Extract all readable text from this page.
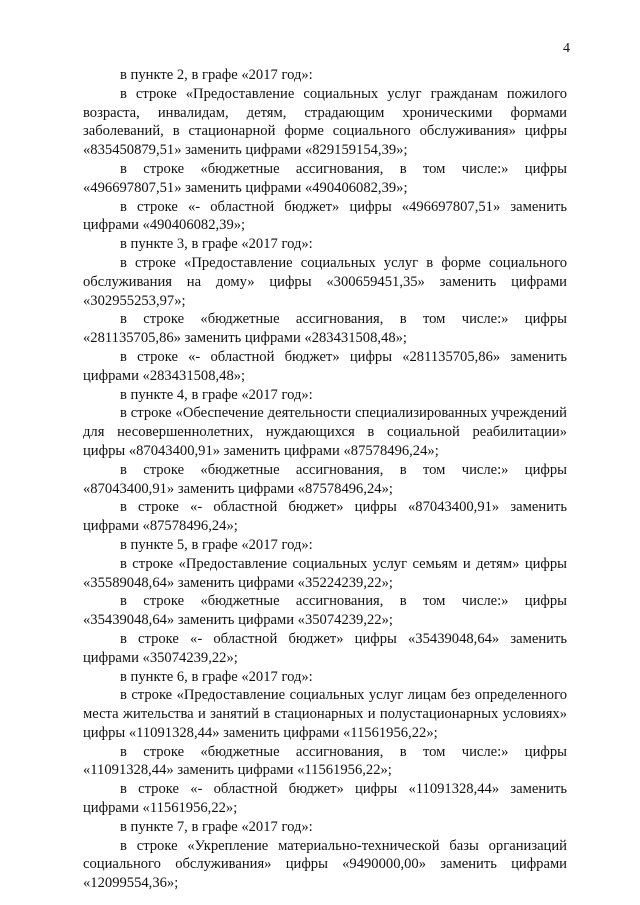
4

в пункте 2, в графе «2017 год»:

в строке «Предоставление социальных услуг гражданам пожилого возраста, инвалидам, детям, страдающим хроническими формами заболеваний, в стационарной форме социального обслуживания» цифры «835450879,51» заменить цифрами «829159154,39»;

в строке «бюджетные ассигнования, в том числе:» цифры «496697807,51» заменить цифрами «490406082,39»;

в строке «- областной бюджет» цифры «496697807,51» заменить цифрами «490406082,39»;

в пункте 3, в графе «2017 год»:

в строке «Предоставление социальных услуг в форме социального обслуживания на дому» цифры «300659451,35» заменить цифрами «302955253,97»;

в строке «бюджетные ассигнования, в том числе:» цифры «281135705,86» заменить цифрами «283431508,48»;

в строке «- областной бюджет» цифры «281135705,86» заменить цифрами «283431508,48»;

в пункте 4, в графе «2017 год»:

в строке «Обеспечение деятельности специализированных учреждений для несовершеннолетних, нуждающихся в социальной реабилитации» цифры «87043400,91» заменить цифрами «87578496,24»;

в строке «бюджетные ассигнования, в том числе:» цифры «87043400,91» заменить цифрами «87578496,24»;

в строке «- областной бюджет» цифры «87043400,91» заменить цифрами «87578496,24»;

в пункте 5, в графе «2017 год»:

в строке «Предоставление социальных услуг семьям и детям» цифры «35589048,64» заменить цифрами «35224239,22»;

в строке «бюджетные ассигнования, в том числе:» цифры «35439048,64» заменить цифрами «35074239,22»;

в строке «- областной бюджет» цифры «35439048,64» заменить цифрами «35074239,22»;

в пункте 6, в графе «2017 год»:

в строке «Предоставление социальных услуг лицам без определенного места жительства и занятий в стационарных и полустационарных условиях» цифры «11091328,44» заменить цифрами «11561956,22»;

в строке «бюджетные ассигнования, в том числе:» цифры «11091328,44» заменить цифрами «11561956,22»;

в строке «- областной бюджет» цифры «11091328,44» заменить цифрами «11561956,22»;

в пункте 7, в графе «2017 год»:

в строке «Укрепление материально-технической базы организаций социального обслуживания» цифры «9490000,00» заменить цифрами «12099554,36»;
